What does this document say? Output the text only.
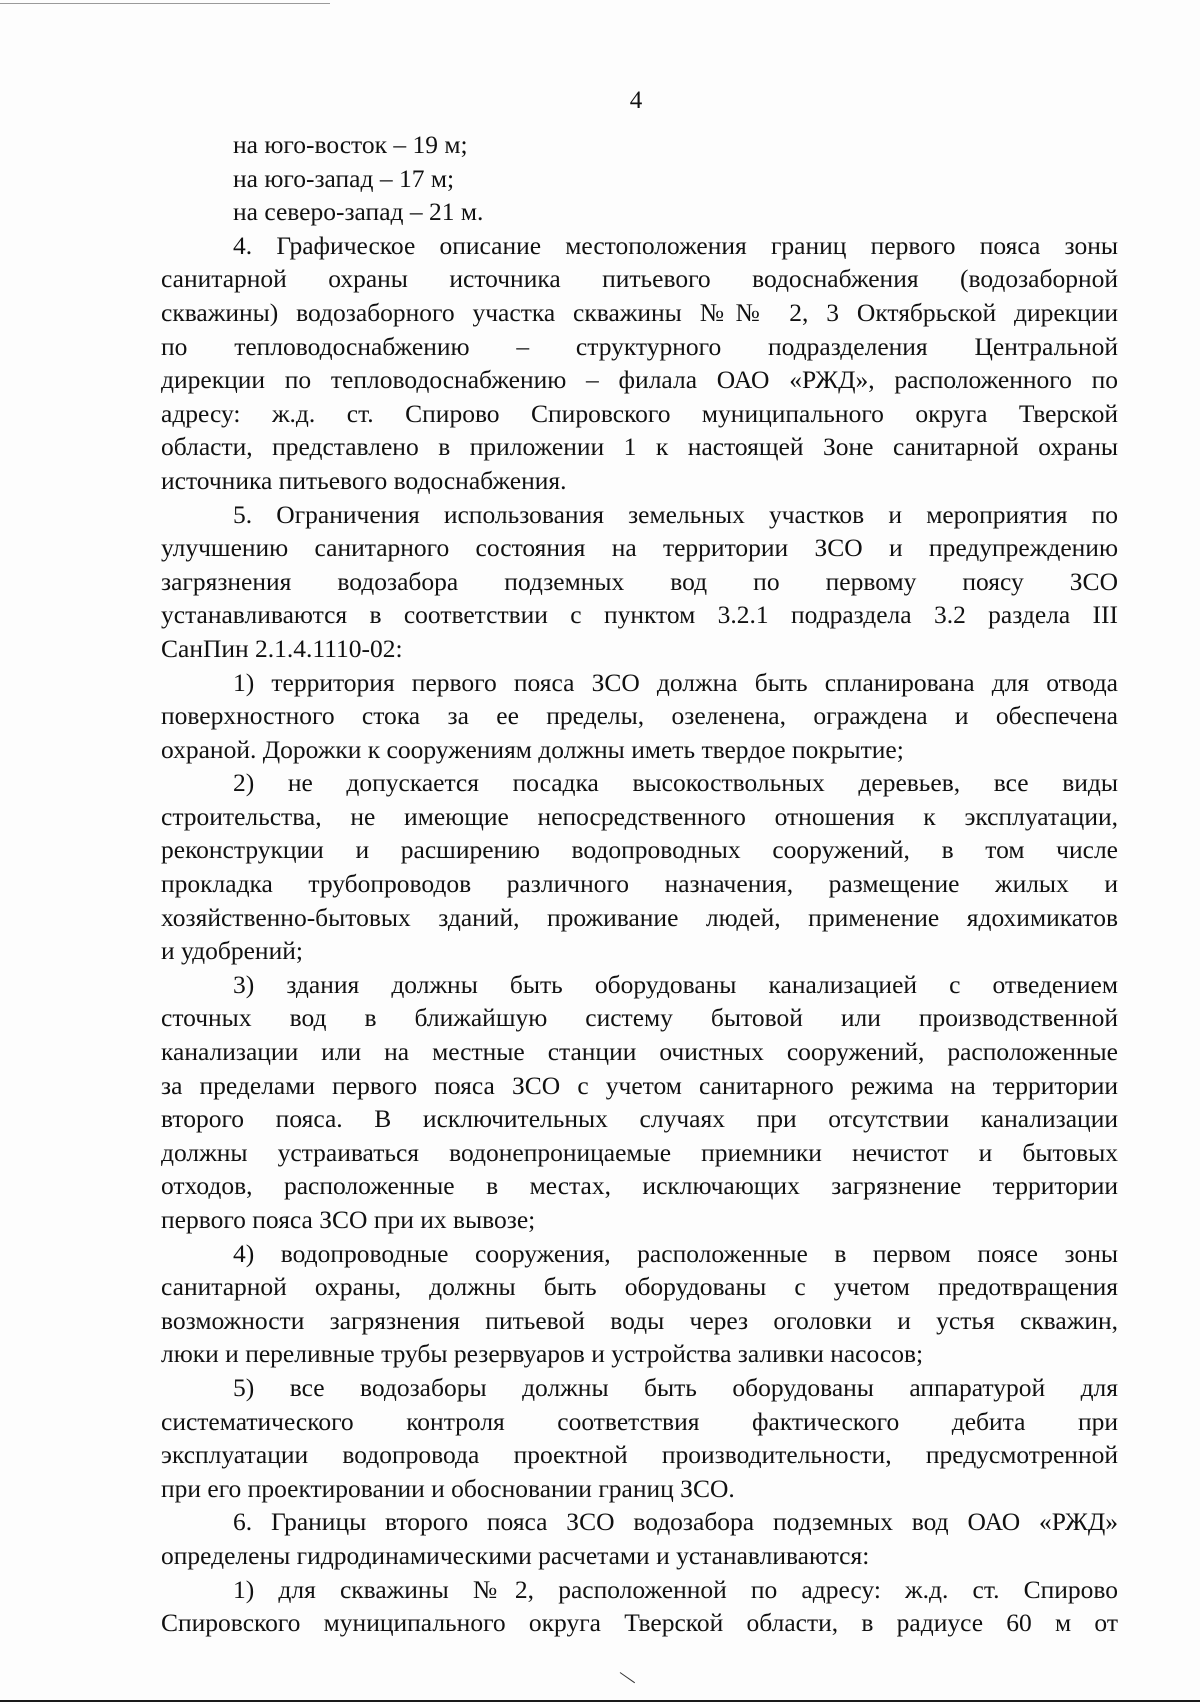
4

на юго-восток – 19 м;

на юго-запад – 17 м;

на северо-запад – 21 м.

4. Графическое описание местоположения границ первого пояса зоны

санитарной охраны источника питьевого водоснабжения (водозаборной

скважины) водозаборного участка скважины №№ 2, 3 Октябрьской дирекции

по тепловодоснабжению – структурного подразделения Центральной

дирекции по тепловодоснабжению – филала ОАО «РЖД», расположенного по

адресу: ж.д. ст. Спирово Спировского муниципального округа Тверской

области, представлено в приложении 1 к настоящей Зоне санитарной охраны

источника питьевого водоснабжения.

5. Ограничения использования земельных участков и мероприятия по

улучшению санитарного состояния на территории ЗСО и предупреждению

загрязнения водозабора подземных вод по первому поясу ЗСО

устанавливаются в соответствии с пунктом 3.2.1 подраздела 3.2 раздела III

СанПин 2.1.4.1110-02:

1) территория первого пояса ЗСО должна быть спланирована для отвода

поверхностного стока за ее пределы, озеленена, ограждена и обеспечена

охраной. Дорожки к сооружениям должны иметь твердое покрытие;

2) не допускается посадка высокоствольных деревьев, все виды

строительства, не имеющие непосредственного отношения к эксплуатации,

реконструкции и расширению водопроводных сооружений, в том числе

прокладка трубопроводов различного назначения, размещение жилых и

хозяйственно-бытовых зданий, проживание людей, применение ядохимикатов

и удобрений;

3) здания должны быть оборудованы канализацией с отведением

сточных вод в ближайшую систему бытовой или производственной

канализации или на местные станции очистных сооружений, расположенные

за пределами первого пояса ЗСО с учетом санитарного режима на территории

второго пояса. В исключительных случаях при отсутствии канализации

должны устраиваться водонепроницаемые приемники нечистот и бытовых

отходов, расположенные в местах, исключающих загрязнение территории

первого пояса ЗСО при их вывозе;

4) водопроводные сооружения, расположенные в первом поясе зоны

санитарной охраны, должны быть оборудованы с учетом предотвращения

возможности загрязнения питьевой воды через оголовки и устья скважин,

люки и переливные трубы резервуаров и устройства заливки насосов;

5) все водозаборы должны быть оборудованы аппаратурой для

систематического контроля соответствия фактического дебита при

эксплуатации водопровода проектной производительности, предусмотренной

при его проектировании и обосновании границ ЗСО.

6. Границы второго пояса ЗСО водозабора подземных вод ОАО «РЖД»

определены гидродинамическими расчетами и устанавливаются:

1) для скважины №2, расположенной по адресу: ж.д. ст. Спирово

Спировского муниципального округа Тверской области, в радиусе 60 м от
